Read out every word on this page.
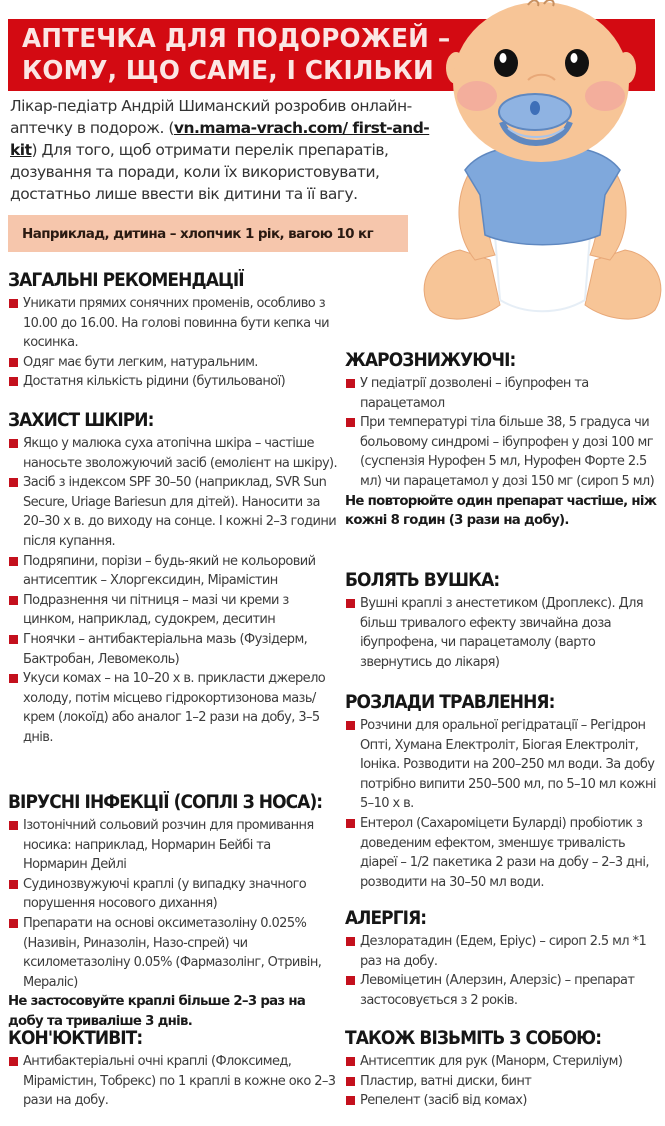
АПТЕЧКА ДЛЯ ПОДОРОЖЕЙ –
КОМУ, ЩО САМЕ, І СКІЛЬКИ

Лікар-педіатр Андрій Шиманский розробив онлайн-аптечку в подорож. (vn.mama-vrach.com/ first-and-kit) Для того, щоб отримати перелік препаратів, дозування та поради, коли їх використовувати, достатньо лише ввести вік дитини та її вагу.

Наприклад, дитина – хлопчик 1 рік, вагою 10 кг
ЗАГАЛЬНІ РЕКОМЕНДАЦІЇ
Уникати прямих сонячних променів, особливо з 10.00 до 16.00. На голові повинна бути кепка чи косинка.
Одяг має бути легким, натуральним.
Достатня кількість рідини (бутильованої)
ЗАХИСТ ШКІРИ:
Якщо у малюка суха атопічна шкіра – частіше наносьте зволожуючий засіб (емолієнт на шкіру).
Засіб з індексом SPF 30–50 (наприклад, SVR Sun Secure, Uriage Bariesun для дітей). Наносити за 20–30 х в. до виходу на сонце. І кожні 2–3 години після купання.
Подряпини, порізи – будь-який не кольоровий антисептик – Хлоргексидин, Мірамістин
Подразнення чи пітниця – мазі чи креми з цинком, наприклад, судокрем, деситин
Гноячки – антибактеріальна мазь (Фузідерм, Бактробан, Левомеколь)
Укуси комах – на 10–20 х в. прикласти джерело холоду, потім місцево гідрокортизонова мазь/крем (локоїд) або аналог 1–2 рази на добу, 3–5 днів.
ВІРУСНІ ІНФЕКЦІЇ (СОПЛІ З НОСА):
Ізотонічний сольовий розчин для промивання носика: наприклад, Нормарин Бейбі та Нормарин Дейлі
Судинозвужуючі краплі (у випадку значного порушення носового дихання)
Препарати на основі оксиметазоліну 0.025% (Називін, Риназолін, Назо-спрей) чи ксилометазоліну 0.05% (Фармазолінг, Отривін, Мераліс)

Не застосовуйте краплі більше 2–3 раз на добу та триваліше 3 днів.

КОН'ЮКТИВІТ:
Антибактеріальні очні краплі (Флоксимед, Мірамістин, Тобрекс) по 1 краплі в кожне око 2–3 рази на добу.
ЖАРОЗНИЖУЮЧІ:
У педіатрії дозволені – ібупрофен та парацетамол
При температурі тіла більше 38, 5 градуса чи больовому синдромі – ібупрофен у дозі 100 мг (суспензія Нурофен 5 мл, Нурофен Форте 2.5 мл) чи парацетамол у дозі 150 мг (сироп 5 мл)

Не повторюйте один препарат частіше, ніж кожні 8 годин (3 рази на добу).

БОЛЯТЬ ВУШКА:
Вушні краплі з анестетиком (Дроплекс). Для більш тривалого ефекту звичайна доза ібупрофена, чи парацетамолу (варто звернутись до лікаря)
РОЗЛАДИ ТРАВЛЕННЯ:
Розчини для оральної регідратації – Регідрон Опті, Хумана Електроліт, Біогая Електроліт, Іоніка. Розводити на 200–250 мл води. За добу потрібно випити 250–500 мл, по 5–10 мл кожні 5–10 х в.
Ентерол (Сахароміцети Буларді) пробіотик з доведеним ефектом, зменшує тривалість діареї – 1/2 пакетика 2 рази на добу – 2–3 дні, розводити на 30–50 мл води.
АЛЕРГІЯ:
Дезлоратадин (Едем, Еріус) – сироп 2.5 мл *1 раз на добу.
Левоміцетин (Алерзин, Алерзіс) – препарат застосовується з 2 років.
ТАКОЖ ВІЗЬМІТЬ З СОБОЮ:
Антисептик для рук (Манорм, Стериліум)
Пластир, ватні диски, бинт
Репелент (засіб від комах)
